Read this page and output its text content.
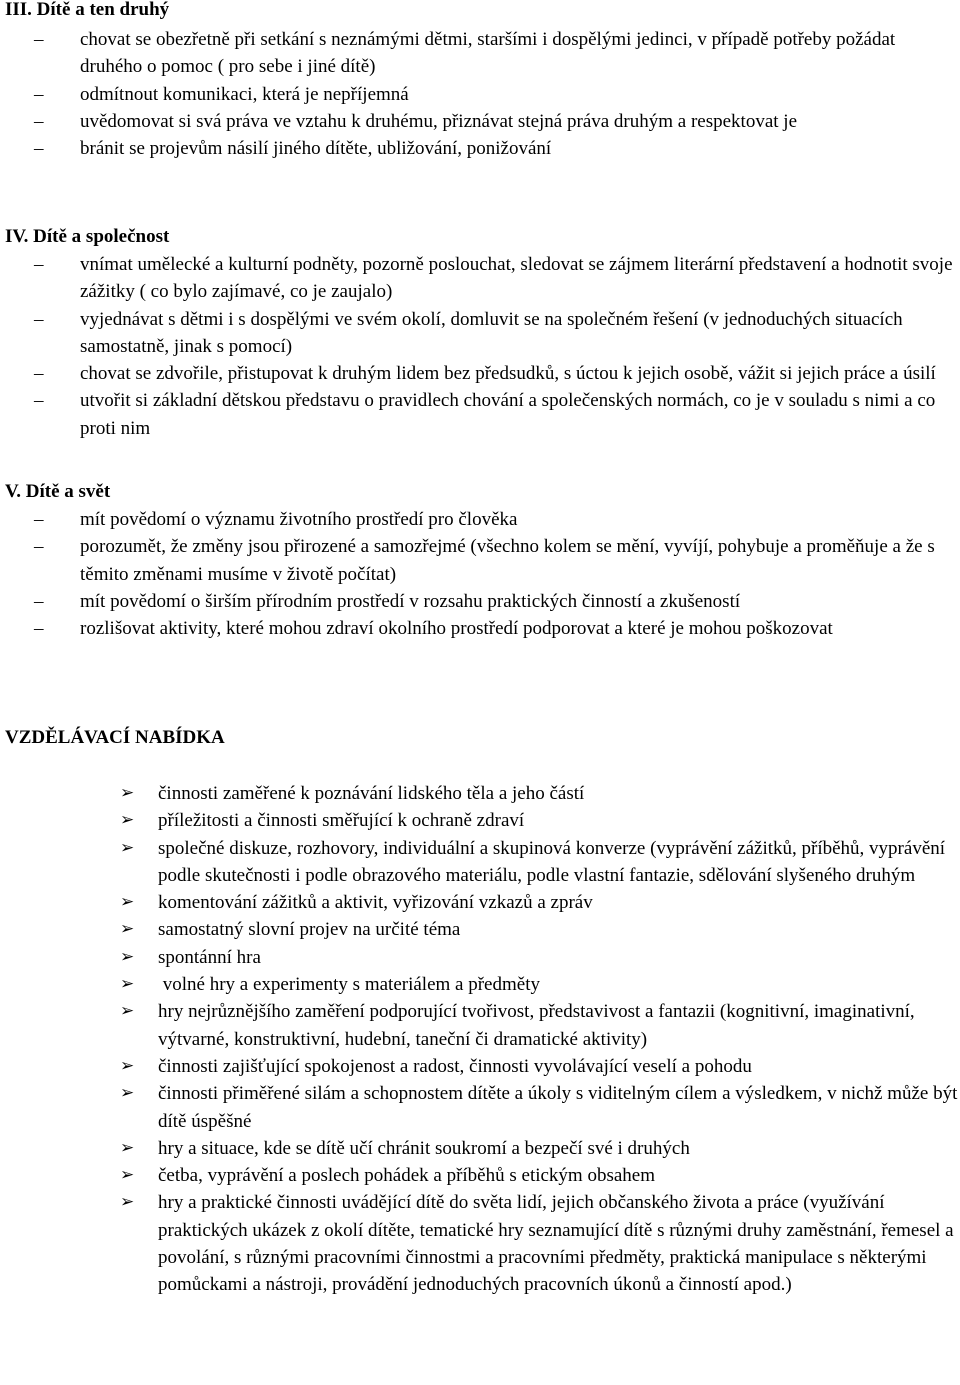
III. Dítě a ten druhý
– chovat se obezřetně při setkání s neznámými dětmi, staršími i dospělými jedinci, v případě potřeby požádat druhého o pomoc ( pro sebe i jiné dítě)
– odmítnout komunikaci, která je nepříjemná
– uvědomovat si svá práva ve vztahu k druhému, přiznávat stejná práva druhým a respektovat je
– bránit se projevům násilí jiného dítěte, ubližování, ponižování
IV. Dítě a společnost
– vnímat umělecké a kulturní podněty, pozorně poslouchat, sledovat se zájmem literární představení a hodnotit svoje zážitky ( co bylo zajímavé, co je zaujalo)
– vyjednávat s dětmi i s dospělými ve svém okolí, domluvit se na společném řešení (v jednoduchých situacích samostatně, jinak s pomocí)
– chovat se zdvořile, přistupovat k druhým lidem bez předsudků, s úctou k jejich osobě, vážit si jejich práce a úsilí
– utvořit si základní dětskou představu o pravidlech chování a společenských normách, co je v souladu s nimi a co proti nim
V. Dítě a svět
– mít povědomí o významu životního prostředí pro člověka
– porozumět, že změny jsou přirozené a samozřejmé (všechno kolem se mění, vyvíjí, pohybuje a proměňuje a že s těmito změnami musíme v životě počítat)
– mít povědomí o širším přírodním prostředí v rozsahu praktických činností a zkušeností
– rozlišovat aktivity, které mohou zdraví okolního prostředí podporovat a které je mohou poškozovat
VZDĚLÁVACÍ NABÍDKA
➢ činnosti zaměřené k poznávání lidského těla a jeho částí
➢ příležitosti a činnosti směřující k ochraně zdraví
➢ společné diskuze, rozhovory, individuální a skupinová konverze (vyprávění zážitků, příběhů, vyprávění podle skutečnosti i podle obrazového materiálu, podle vlastní fantazie, sdělování slyšeného druhým
➢ komentování zážitků a aktivit, vyřizování vzkazů a zpráv
➢ samostatný slovní projev na určité téma
➢ spontánní hra
➢ volné hry a experimenty s materiálem a předměty
➢ hry nejrůznějšího zaměření podporující tvořivost, představivost a fantazii (kognitivní, imaginativní, výtvarné, konstruktivní, hudební, taneční či dramatické aktivity)
➢ činnosti zajišťující spokojenost a radost, činnosti vyvolávající veselí a pohodu
➢ činnosti přiměřené silám a schopnostem dítěte a úkoly s viditelným cílem a výsledkem, v nichž může být dítě úspěšné
➢ hry a situace, kde se dítě učí chránit soukromí a bezpečí své i druhých
➢ četba, vyprávění a poslech pohádek a příběhů s etickým obsahem
➢ hry a praktické činnosti uvádějící dítě do světa lidí, jejich občanského života a práce (využívání praktických ukázek z okolí dítěte, tematické hry seznamující dítě s různými druhy zaměstnání, řemesel a povolání, s různými pracovními činnostmi a pracovními předměty, praktická manipulace s některými pomůckami a nástroji, provádění jednoduchých pracovních úkonů a činností apod.)
